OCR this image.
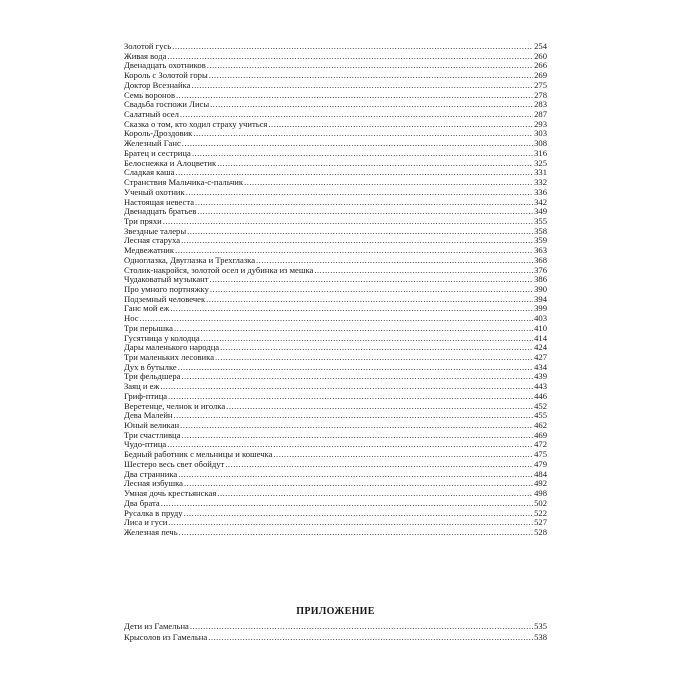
Золотой гусь .....	254
Живая вода .....	260
Двенадцать охотников .....	266
Король с Золотой горы .....	269
Доктор Всезнайка .....	275
Семь воронов .....	278
Свадьба госпожи Лисы .....	283
Салатный осел .....	287
Сказка о том, кто ходил страху учиться .....	293
Король-Дроздовик .....	303
Железный Ганс .....	308
Братец и сестрица .....	316
Белоснежка и Алоцветик .....	325
Сладкая каша .....	331
Странствия Мальчика-с-пальчик .....	332
Ученый охотник .....	336
Настоящая невеста .....	342
Двенадцать братьев .....	349
Три пряхи .....	355
Звездные талеры .....	358
Лесная старуха .....	359
Медвежатник .....	363
Одноглазка, Двуглазка и Трехглазка .....	368
Столик-накройся, золотой осел и дубинка из мешка .....	376
Чудаковатый музыкант .....	386
Про умного портняжку .....	390
Подземный человечек .....	394
Ганс мой еж .....	399
Нос .....	403
Три перышка .....	410
Гусятница у колодца .....	414
Дары маленького народца .....	424
Три маленьких лесовика .....	427
Дух в бутылке .....	434
Три фельдшера .....	439
Заяц и еж .....	443
Гриф-птица .....	446
Веретенце, челнок и иголка .....	452
Дева Малейн .....	455
Юный великан .....	462
Три счастливца .....	469
Чудо-птица .....	472
Бедный работник с мельницы и кошечка .....	475
Шестеро весь свет обойдут .....	479
Два странника .....	484
Лесная избушка .....	492
Умная дочь крестьянская .....	498
Два брата .....	502
Русалка в пруду .....	522
Лиса и гуси .....	527
Железная печь .....	528
ПРИЛОЖЕНИЕ
Дети из Гамельна .....	535
Крысолов из Гамельна .....	538
